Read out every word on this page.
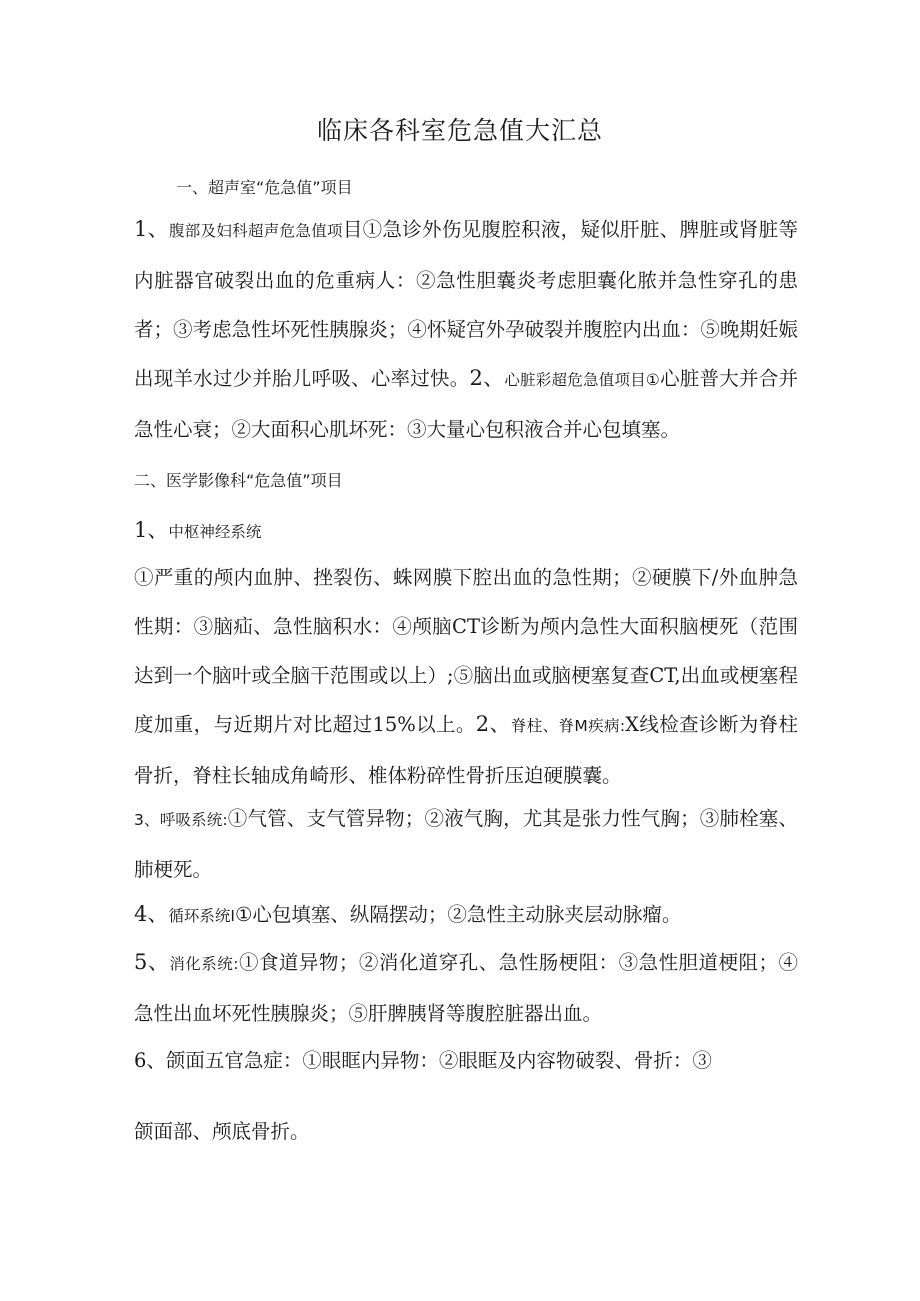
临床各科室危急值大汇总

一、超声室“危急值”项目

1、腹部及妇科超声危急值项目①急诊外伤见腹腔积液，疑似肝脏、脾脏或肾脏等内脏器官破裂出血的危重病人：②急性胆囊炎考虑胆囊化脓并急性穿孔的患者；③考虑急性坏死性胰腺炎；④怀疑宫外孕破裂并腹腔内出血：⑤晚期妊娠出现羊水过少并胎儿呼吸、心率过快。2、心脏彩超危急值项目①心脏普大并合并急性心衰；②大面积心肌坏死：③大量心包积液合并心包填塞。

二、医学影像科“危急值”项目

1、中枢神经系统

①严重的颅内血肿、挫裂伤、蛛网膜下腔出血的急性期；②硬膜下/外血肿急性期：③脑疝、急性脑积水：④颅脑CT诊断为颅内急性大面积脑梗死（范围达到一个脑叶或全脑干范围或以上）;⑤脑出血或脑梗塞复查CT,出血或梗塞程度加重，与近期片对比超过15%以上。2、脊柱、脊M疾病:X线检查诊断为脊柱骨折，脊柱长轴成角崎形、椎体粉碎性骨折压迫硬膜囊。

3、呼吸系统:①气管、支气管异物；②液气胸，尤其是张力性气胸；③肺栓塞、肺梗死。

4、循环系统I①心包填塞、纵隔摆动；②急性主动脉夹层动脉瘤。

5、消化系统:①食道异物；②消化道穿孔、急性肠梗阻：③急性胆道梗阻；④急性出血坏死性胰腺炎；⑤肝脾胰肾等腹腔脏器出血。

6、颌面五官急症：①眼眶内异物：②眼眶及内容物破裂、骨折：③

颌面部、颅底骨折。
